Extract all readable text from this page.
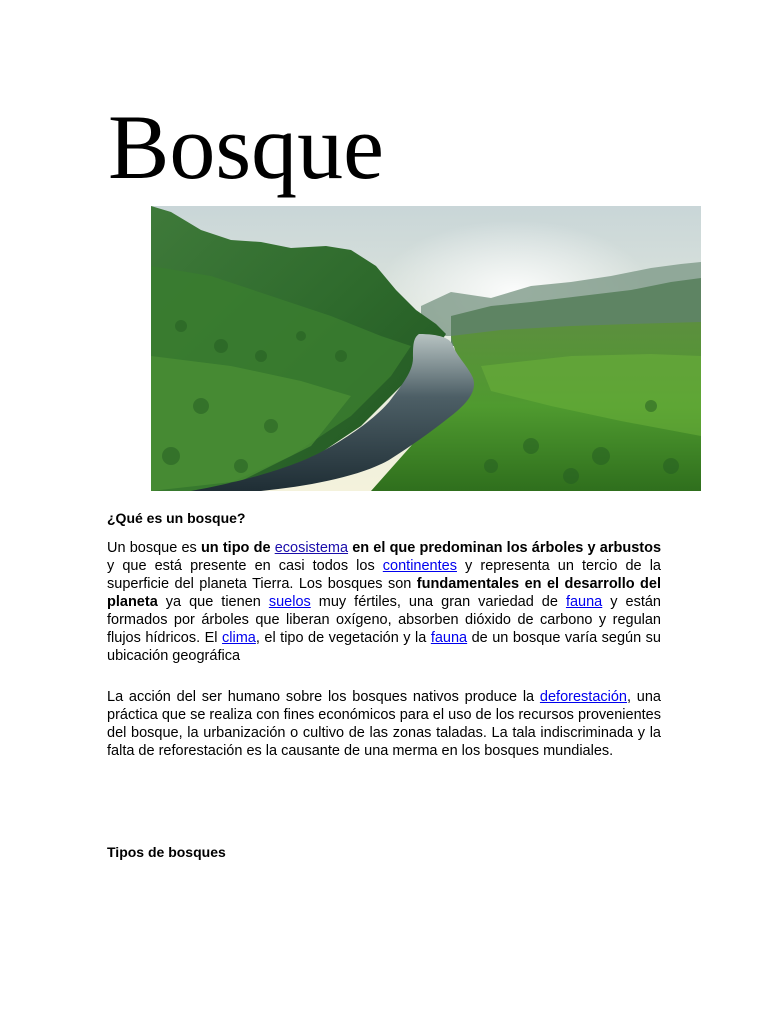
Bosque
¿Qué es un bosque?

Un bosque es un tipo de ecosistema en el que predominan los árboles y arbustos y que está presente en casi todos los continentes y representa un tercio de la superficie del planeta Tierra. Los bosques son fundamentales en el desarrollo del planeta ya que tienen suelos muy fértiles, una gran variedad de fauna y están formados por árboles que liberan oxígeno, absorben dióxido de carbono y regulan flujos hídricos. El clima, el tipo de vegetación y la fauna de un bosque varía según su ubicación geográfica

La acción del ser humano sobre los bosques nativos produce la deforestación, una práctica que se realiza con fines económicos para el uso de los recursos provenientes del bosque, la urbanización o cultivo de las zonas taladas. La tala indiscriminada y la falta de reforestación es la causante de una merma en los bosques mundiales.

Tipos de bosques
